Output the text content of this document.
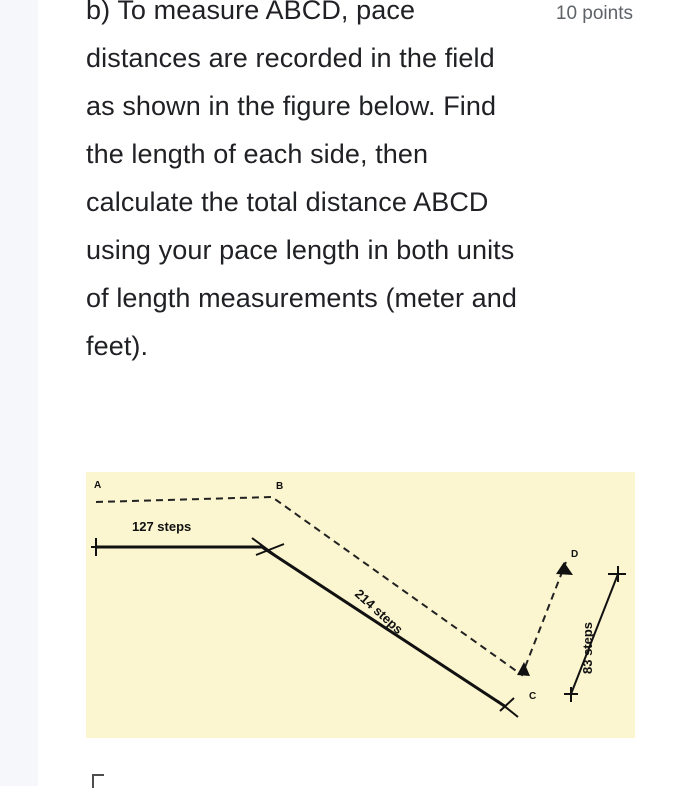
b) To measure ABCD, pace distances are recorded in the field as shown in the figure below. Find the length of each side, then calculate the total distance ABCD using your pace length in both units of length measurements (meter and feet).

10 points
A	B
C
D
127 steps
214 steps
83 steps
